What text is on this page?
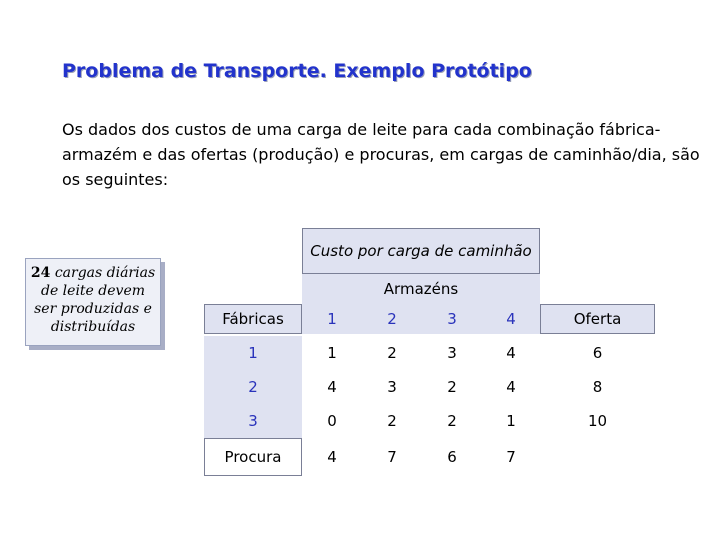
Problema de Transporte. Exemplo Protótipo

Os dados dos custos de uma carga de leite para cada combinação fábrica-armazém e das ofertas (produção) e procuras, em cargas de caminhão/dia, são os seguintes:

24 cargas diárias de leite devem ser produzidas e distribuídas
Custo por carga de caminhão
Armazéns
Fábricas	1	2	3	4	Oferta
1	1	2	3	4	6
2	4	3	2	4	8
3	0	2	2	1	10
Procura	4	7	6	7
